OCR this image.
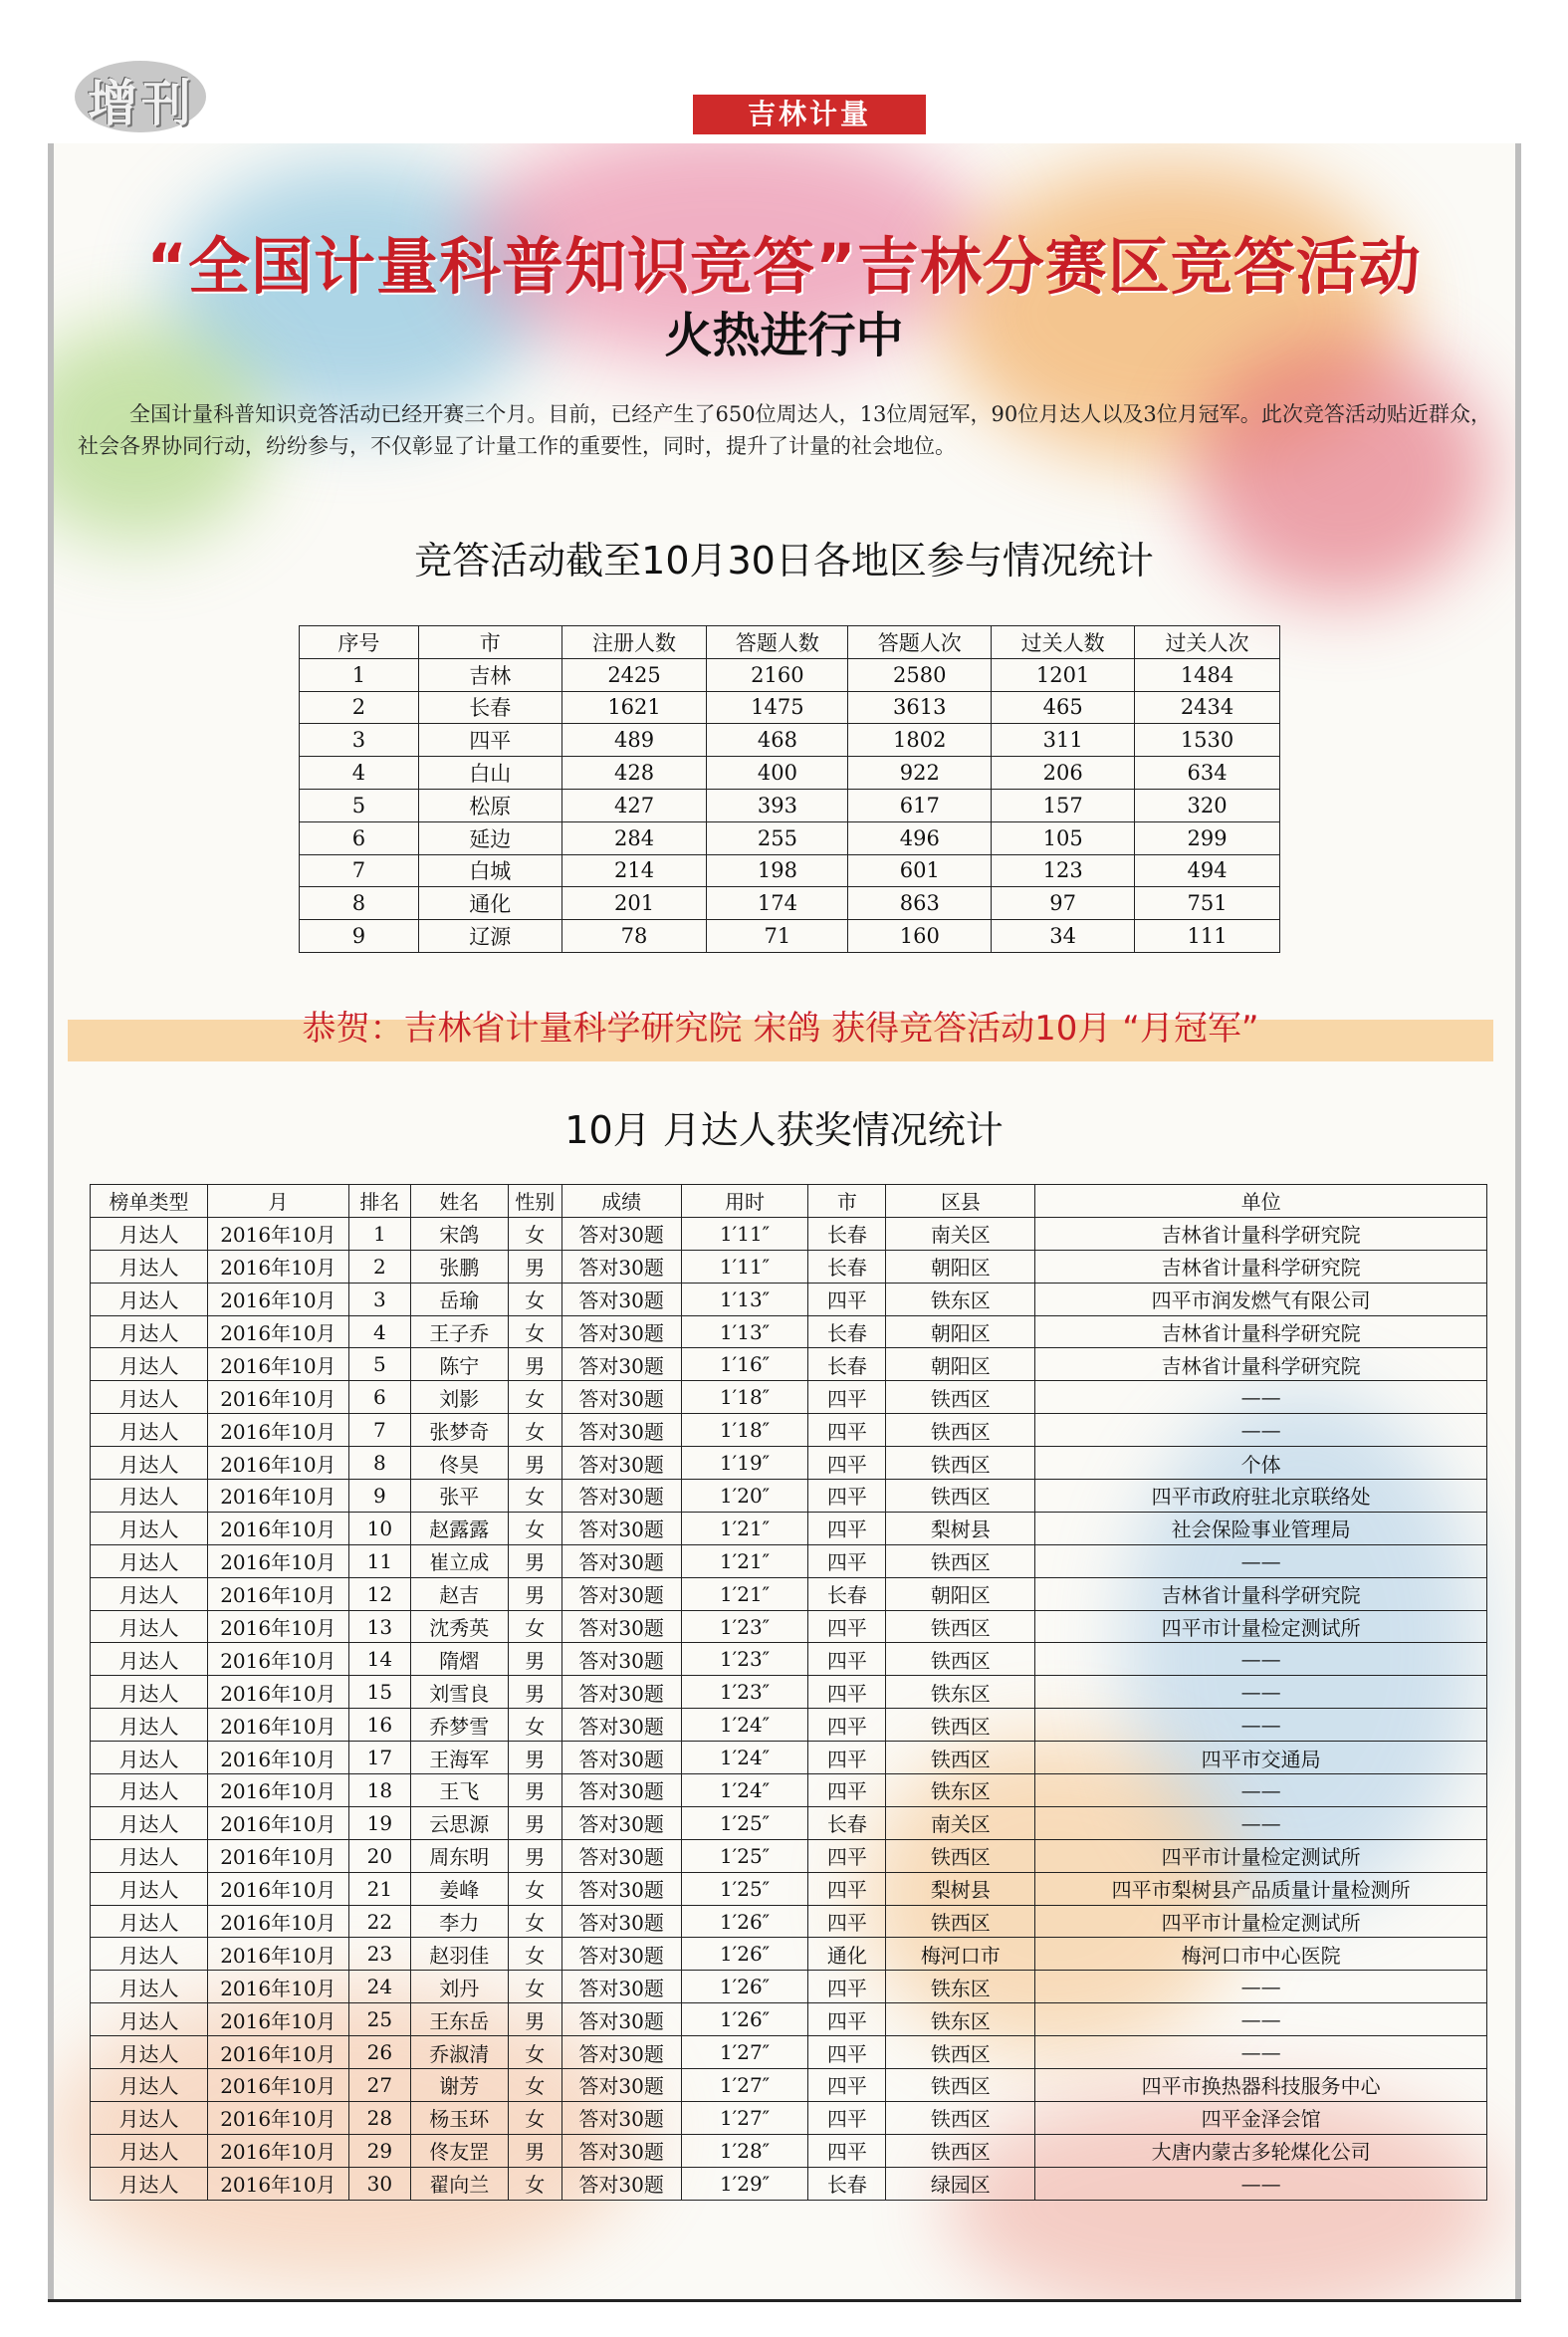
增刊	吉林计量
“全国计量科普知识竞答”吉林分赛区竞答活动
火热进行中
全国计量科普知识竞答活动已经开赛三个月。目前，已经产生了650位周达人，13位周冠军，90位月达人以及3位月冠军。此次竞答活动贴近群众，社会各界协同行动，纷纷参与，不仅彰显了计量工作的重要性，同时，提升了计量的社会地位。
竞答活动截至10月30日各地区参与情况统计
序号	市	注册人数	答题人数	答题人次	过关人数	过关人次
1	吉林	2425	2160	2580	1201	1484
2	长春	1621	1475	3613	465	2434
3	四平	489	468	1802	311	1530
4	白山	428	400	922	206	634
5	松原	427	393	617	157	320
6	延边	284	255	496	105	299
7	白城	214	198	601	123	494
8	通化	201	174	863	97	751
9	辽源	78	71	160	34	111
恭贺：吉林省计量科学研究院 宋鸽 获得竞答活动10月 “月冠军”
10月 月达人获奖情况统计
榜单类型	月	排名	姓名	性别	成绩	用时	市	区县	单位
月达人	2016年10月	1	宋鸽	女	答对30题	1′11″	长春	南关区	吉林省计量科学研究院
月达人	2016年10月	2	张鹏	男	答对30题	1′11″	长春	朝阳区	吉林省计量科学研究院
月达人	2016年10月	3	岳瑜	女	答对30题	1′13″	四平	铁东区	四平市润发燃气有限公司
月达人	2016年10月	4	王子乔	女	答对30题	1′13″	长春	朝阳区	吉林省计量科学研究院
月达人	2016年10月	5	陈宁	男	答对30题	1′16″	长春	朝阳区	吉林省计量科学研究院
月达人	2016年10月	6	刘影	女	答对30题	1′18″	四平	铁西区	——
月达人	2016年10月	7	张梦奇	女	答对30题	1′18″	四平	铁西区	——
月达人	2016年10月	8	佟昊	男	答对30题	1′19″	四平	铁西区	个体
月达人	2016年10月	9	张平	女	答对30题	1′20″	四平	铁西区	四平市政府驻北京联络处
月达人	2016年10月	10	赵露露	女	答对30题	1′21″	四平	梨树县	社会保险事业管理局
月达人	2016年10月	11	崔立成	男	答对30题	1′21″	四平	铁西区	——
月达人	2016年10月	12	赵吉	男	答对30题	1′21″	长春	朝阳区	吉林省计量科学研究院
月达人	2016年10月	13	沈秀英	女	答对30题	1′23″	四平	铁西区	四平市计量检定测试所
月达人	2016年10月	14	隋熠	男	答对30题	1′23″	四平	铁西区	——
月达人	2016年10月	15	刘雪良	男	答对30题	1′23″	四平	铁东区	——
月达人	2016年10月	16	乔梦雪	女	答对30题	1′24″	四平	铁西区	——
月达人	2016年10月	17	王海军	男	答对30题	1′24″	四平	铁西区	四平市交通局
月达人	2016年10月	18	王飞	男	答对30题	1′24″	四平	铁东区	——
月达人	2016年10月	19	云思源	男	答对30题	1′25″	长春	南关区	——
月达人	2016年10月	20	周东明	男	答对30题	1′25″	四平	铁西区	四平市计量检定测试所
月达人	2016年10月	21	姜峰	女	答对30题	1′25″	四平	梨树县	四平市梨树县产品质量计量检测所
月达人	2016年10月	22	李力	女	答对30题	1′26″	四平	铁西区	四平市计量检定测试所
月达人	2016年10月	23	赵羽佳	女	答对30题	1′26″	通化	梅河口市	梅河口市中心医院
月达人	2016年10月	24	刘丹	女	答对30题	1′26″	四平	铁东区	——
月达人	2016年10月	25	王东岳	男	答对30题	1′26″	四平	铁东区	——
月达人	2016年10月	26	乔淑清	女	答对30题	1′27″	四平	铁西区	——
月达人	2016年10月	27	谢芳	女	答对30题	1′27″	四平	铁西区	四平市换热器科技服务中心
月达人	2016年10月	28	杨玉环	女	答对30题	1′27″	四平	铁西区	四平金泽会馆
月达人	2016年10月	29	佟友罡	男	答对30题	1′28″	四平	铁西区	大唐内蒙古多轮煤化公司
月达人	2016年10月	30	翟向兰	女	答对30题	1′29″	长春	绿园区	——
